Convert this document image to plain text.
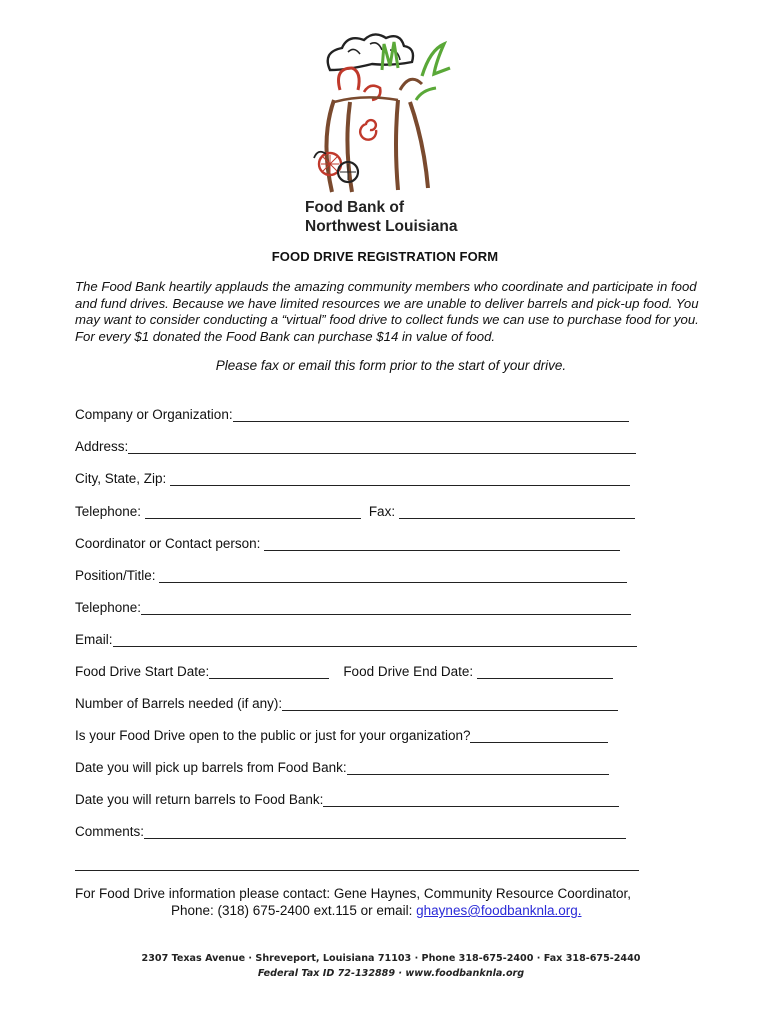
Food Bank of
Northwest Louisiana
FOOD DRIVE REGISTRATION FORM

The Food Bank heartily applauds the amazing community members who coordinate and participate in food and fund drives. Because we have limited resources we are unable to deliver barrels and pick-up food. You may want to consider conducting a “virtual” food drive to collect funds we can use to purchase food for you. For every $1 donated the Food Bank can purchase $14 in value of food.

Please fax or email this form prior to the start of your drive.
Company or Organization:
Address:
City, State, Zip:
Telephone:	Fax:
Coordinator or Contact person:
Position/Title:
Telephone:
Email:
Food Drive Start Date:	Food Drive End Date:
Number of Barrels needed (if any):
Is your Food Drive open to the public or just for your organization?
Date you will pick up barrels from Food Bank:
Date you will return barrels to Food Bank:
Comments:
For Food Drive information please contact: Gene Haynes, Community Resource Coordinator,
Phone: (318) 675-2400 ext.115 or email: ghaynes@foodbanknla.org.
2307 Texas Avenue · Shreveport, Louisiana 71103 · Phone 318-675-2400 · Fax 318-675-2440
Federal Tax ID 72-132889 · www.foodbanknla.org
